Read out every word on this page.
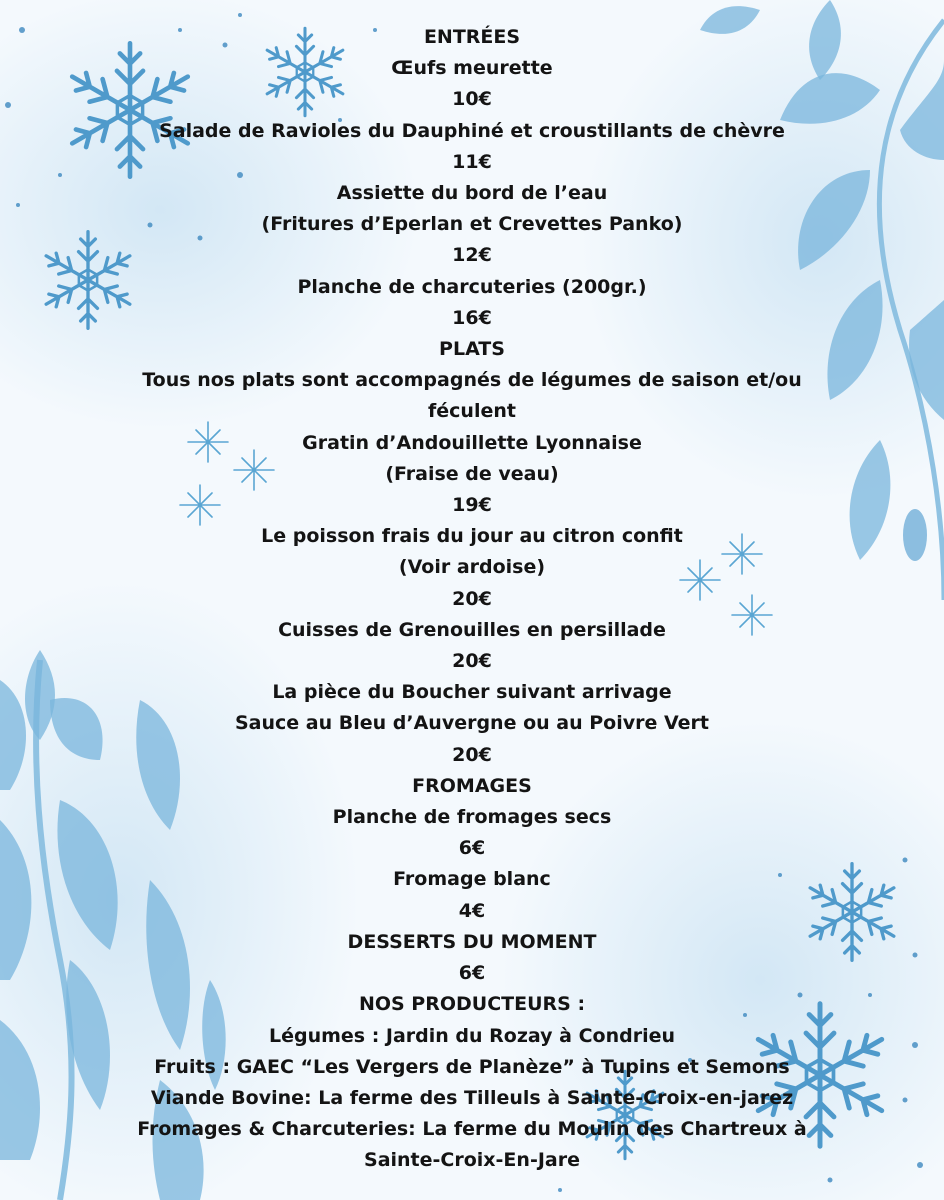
ENTRÉES
Œufs meurette
10€
Salade de Ravioles du Dauphiné et croustillants de chèvre
11€
Assiette du bord de l’eau
(Fritures d’Eperlan et Crevettes Panko)
12€
Planche de charcuteries (200gr.)
16€
PLATS
Tous nos plats sont accompagnés de légumes de saison et/ou féculent
Gratin d’Andouillette Lyonnaise
(Fraise de veau)
19€
Le poisson frais du jour au citron confit
(Voir ardoise)
20€
Cuisses de Grenouilles en persillade
20€
La pièce du Boucher suivant arrivage
Sauce au Bleu d’Auvergne ou au Poivre Vert
20€
FROMAGES
Planche de fromages secs
6€
Fromage blanc
4€
DESSERTS DU MOMENT
6€
NOS PRODUCTEURS :
Légumes : Jardin du Rozay à Condrieu
Fruits : GAEC “Les Vergers de Planèze” à Tupins et Semons
Viande Bovine: La ferme des Tilleuls à Sainte-Croix-en-jarez
Fromages & Charcuteries: La ferme du Moulin des Chartreux à
Sainte-Croix-En-Jare
